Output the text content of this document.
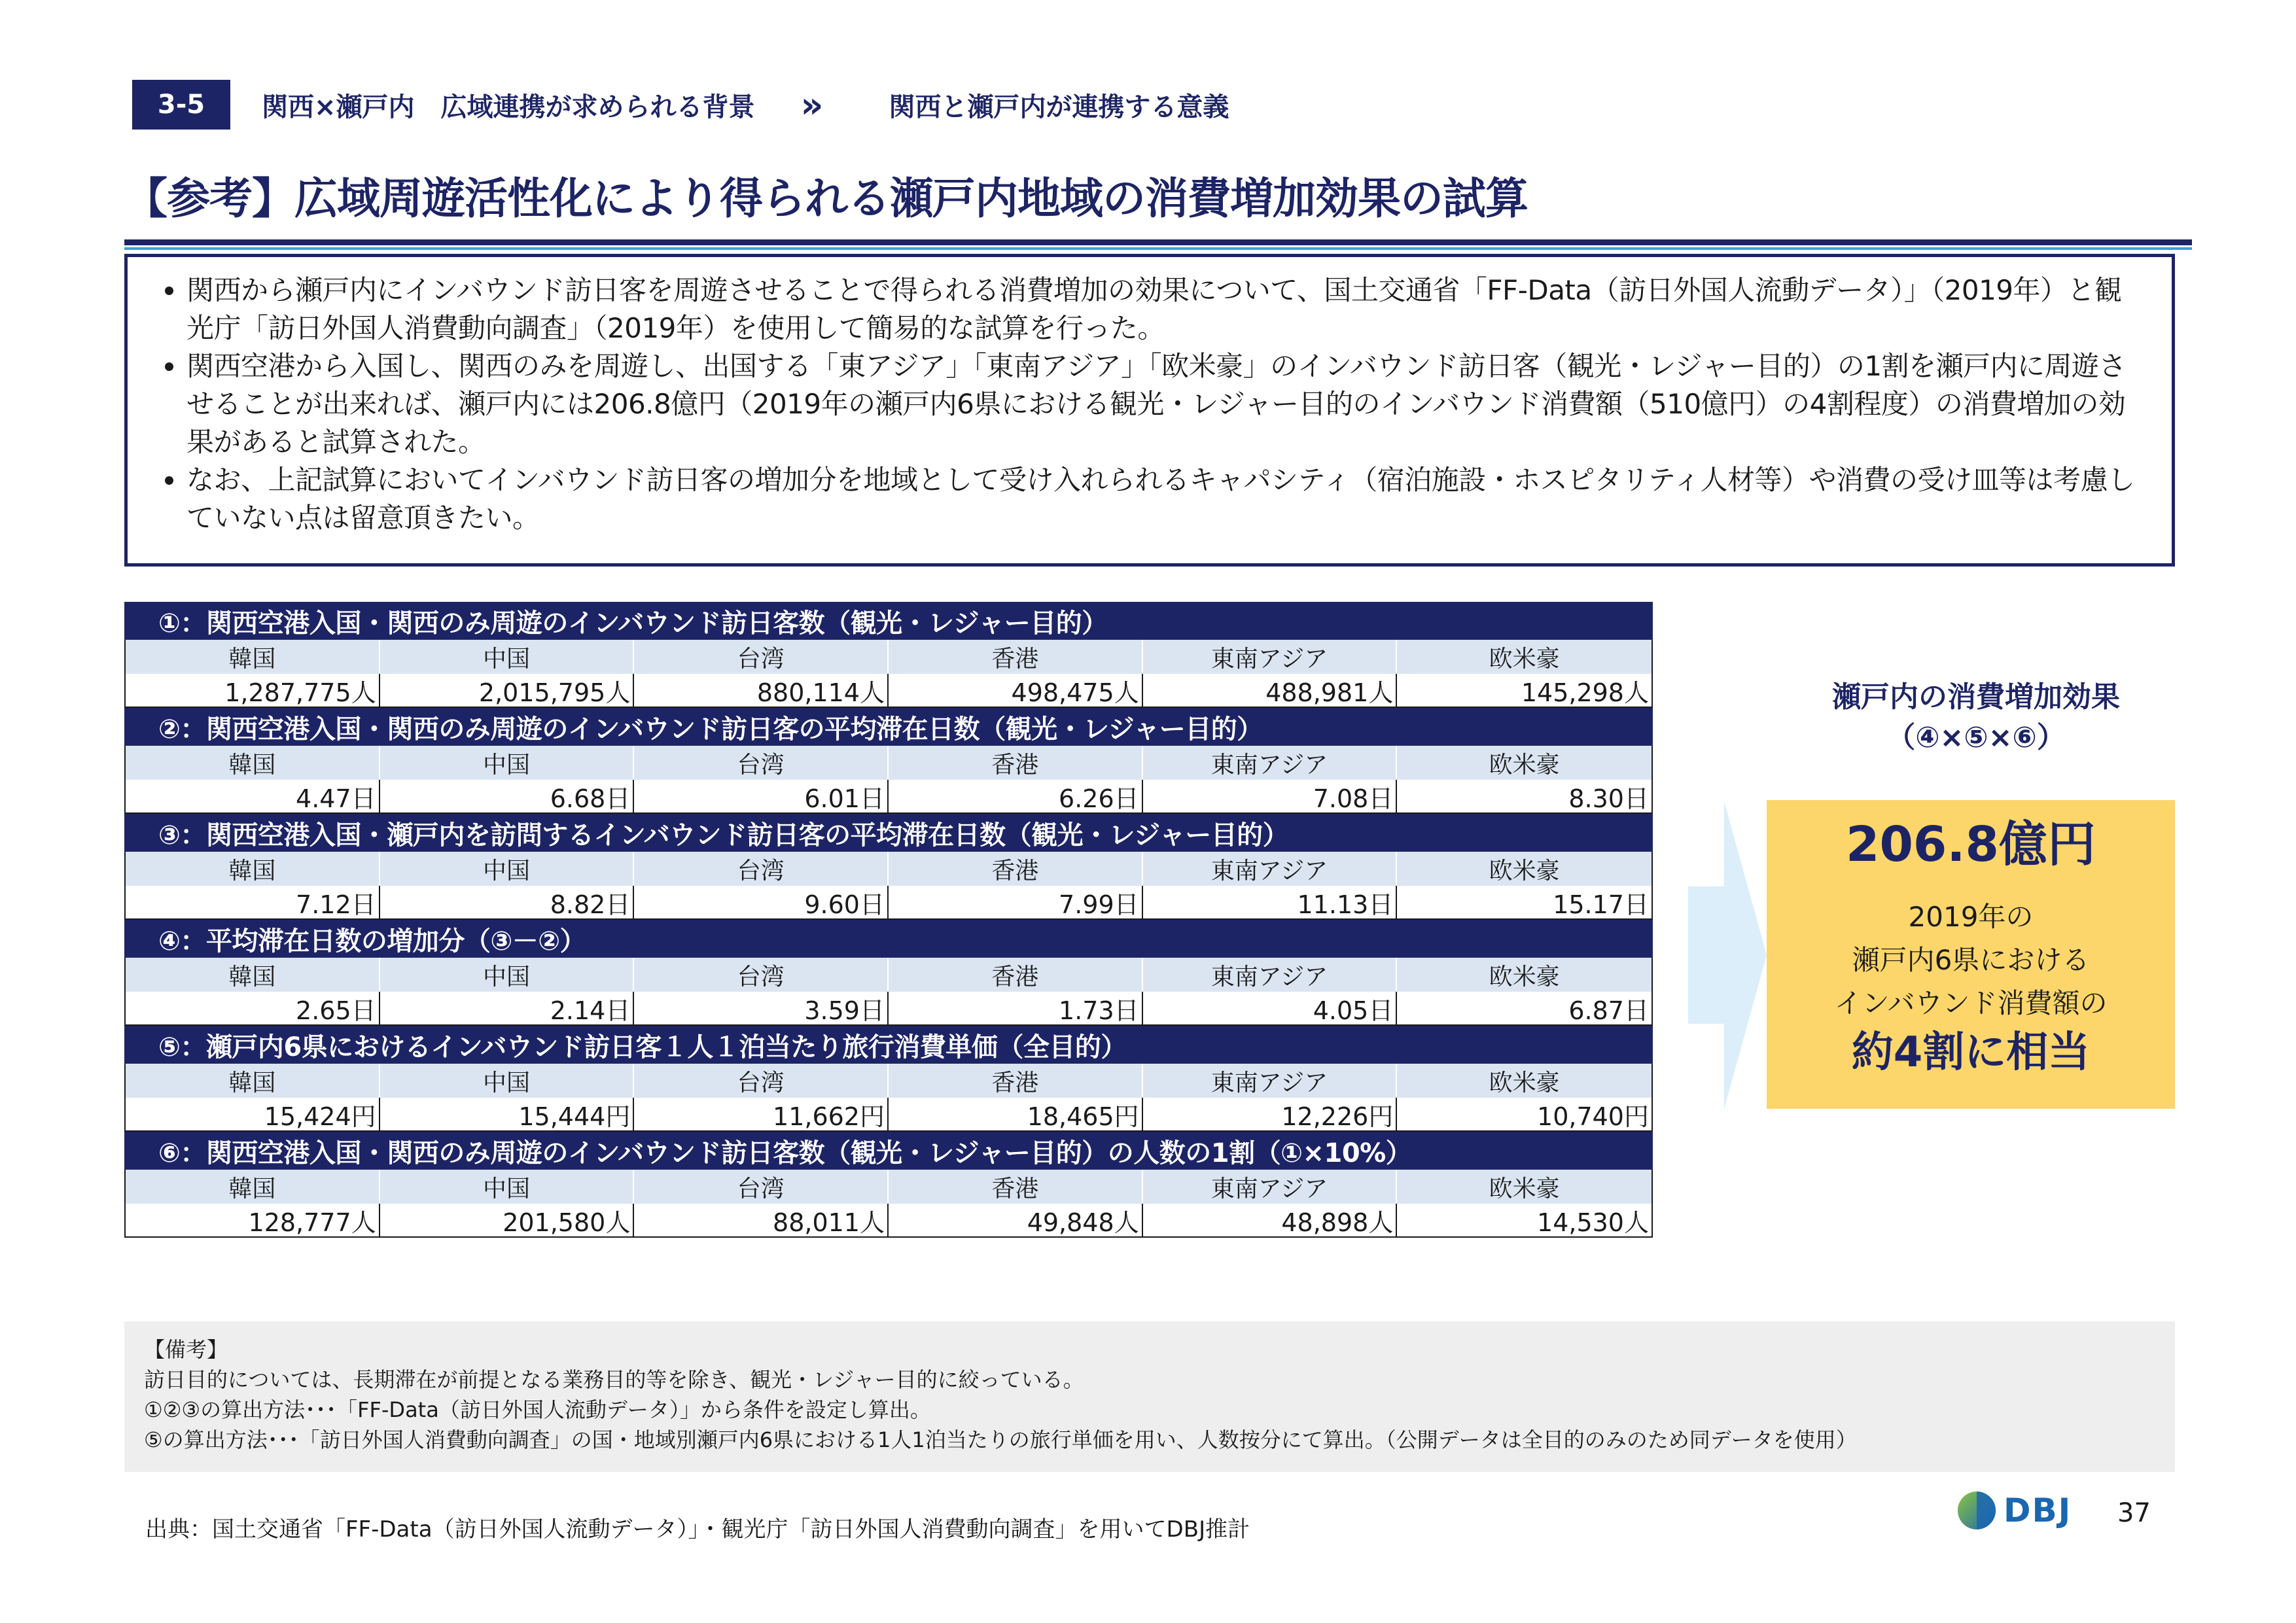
3-5	関西×瀬戸内　広域連携が求められる背景 »	関西と瀬戸内が連携する意義
【参考】広域周遊活性化により得られる瀬戸内地域の消費増加効果の試算
• 関西から瀬戸内にインバウンド訪日客を周遊させることで得られる消費増加の効果について、国土交通省「FF-Data（訪日外国人流動データ）」（2019年）と観光庁「訪日外国人消費動向調査」（2019年）を使用して簡易的な試算を行った。
• 関西空港から入国し、関西のみを周遊し、出国する「東アジア」「東南アジア」「欧米豪」のインバウンド訪日客（観光・レジャー目的）の1割を瀬戸内に周遊させることが出来れば、瀬戸内には206.8億円（2019年の瀬戸内6県における観光・レジャー目的のインバウンド消費額（510億円）の4割程度）の消費増加の効果があると試算された。
• なお、上記試算においてインバウンド訪日客の増加分を地域として受け入れられるキャパシティ（宿泊施設・ホスピタリティ人材等）や消費の受け皿等は考慮していない点は留意頂きたい。
①：関西空港入国・関西のみ周遊のインバウンド訪日客数（観光・レジャー目的）
韓国	中国	台湾	香港	東南アジア	欧米豪
1,287,775人	2,015,795人	880,114人	498,475人	488,981人	145,298人
②：関西空港入国・関西のみ周遊のインバウンド訪日客の平均滞在日数（観光・レジャー目的）
韓国	中国	台湾	香港	東南アジア	欧米豪
4.47日	6.68日	6.01日	6.26日	7.08日	8.30日
③：関西空港入国・瀬戸内を訪問するインバウンド訪日客の平均滞在日数（観光・レジャー目的）
韓国	中国	台湾	香港	東南アジア	欧米豪
7.12日	8.82日	9.60日	7.99日	11.13日	15.17日
④：平均滞在日数の増加分（③－②）
韓国	中国	台湾	香港	東南アジア	欧米豪
2.65日	2.14日	3.59日	1.73日	4.05日	6.87日
⑤：瀬戸内6県におけるインバウンド訪日客１人１泊当たり旅行消費単価（全目的）
韓国	中国	台湾	香港	東南アジア	欧米豪
15,424円	15,444円	11,662円	18,465円	12,226円	10,740円
⑥：関西空港入国・関西のみ周遊のインバウンド訪日客数（観光・レジャー目的）の人数の1割（①×10%）
韓国	中国	台湾	香港	東南アジア	欧米豪
128,777人	201,580人	88,011人	49,848人	48,898人	14,530人
瀬戸内の消費増加効果
（④×⑤×⑥）
206.8億円
2019年の
瀬戸内6県における
インバウンド消費額の
約4割に相当
【備考】
訪日目的については、長期滞在が前提となる業務目的等を除き、観光・レジャー目的に絞っている。
①②③の算出方法･･･「FF-Data（訪日外国人流動データ）」から条件を設定し算出。
⑤の算出方法･･･「訪日外国人消費動向調査」の国・地域別瀬戸内6県における1人1泊当たりの旅行単価を用い、人数按分にて算出。（公開データは全目的のみのため同データを使用）
出典：国土交通省「FF-Data（訪日外国人流動データ）」・観光庁「訪日外国人消費動向調査」を用いてDBJ推計	DBJ 37
